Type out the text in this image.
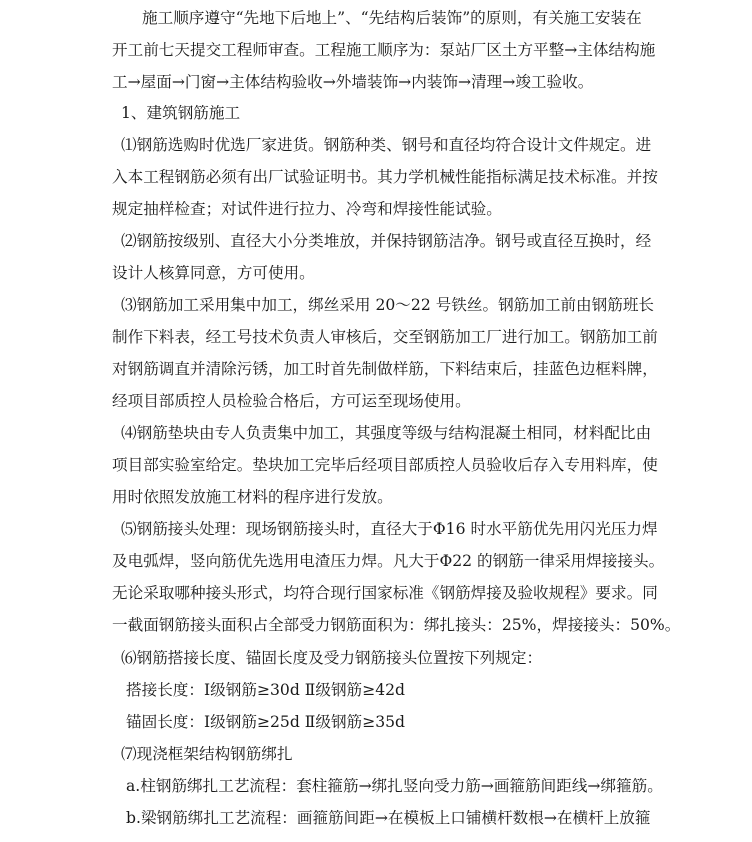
施工顺序遵守“先地下后地上”、“先结构后装饰”的原则，有关施工安装在
开工前七天提交工程师审查。工程施工顺序为：泵站厂区土方平整→主体结构施
工→屋面→门窗→主体结构验收→外墙装饰→内装饰→清理→竣工验收。
1、建筑钢筋施工
⑴钢筋选购时优选厂家进货。钢筋种类、钢号和直径均符合设计文件规定。进
入本工程钢筋必须有出厂试验证明书。其力学机械性能指标满足技术标准。并按
规定抽样检查；对试件进行拉力、冷弯和焊接性能试验。
⑵钢筋按级别、直径大小分类堆放，并保持钢筋洁净。钢号或直径互换时，经
设计人核算同意，方可使用。
⑶钢筋加工采用集中加工，绑丝采用 20～22 号铁丝。钢筋加工前由钢筋班长
制作下料表，经工号技术负责人审核后，交至钢筋加工厂进行加工。钢筋加工前
对钢筋调直并清除污锈，加工时首先制做样筋，下料结束后，挂蓝色边框料牌，
经项目部质控人员检验合格后，方可运至现场使用。
⑷钢筋垫块由专人负责集中加工，其强度等级与结构混凝土相同，材料配比由
项目部实验室给定。垫块加工完毕后经项目部质控人员验收后存入专用料库，使
用时依照发放施工材料的程序进行发放。
⑸钢筋接头处理：现场钢筋接头时，直径大于Φ16 时水平筋优先用闪光压力焊
及电弧焊，竖向筋优先选用电渣压力焊。凡大于Φ22 的钢筋一律采用焊接接头。
无论采取哪种接头形式，均符合现行国家标准《钢筋焊接及验收规程》要求。同
一截面钢筋接头面积占全部受力钢筋面积为：绑扎接头：25%，焊接接头：50%。
⑹钢筋搭接长度、锚固长度及受力钢筋接头位置按下列规定：
搭接长度：Ⅰ级钢筋≥30d Ⅱ级钢筋≥42d
锚固长度：Ⅰ级钢筋≥25d Ⅱ级钢筋≥35d
⑺现浇框架结构钢筋绑扎
a.柱钢筋绑扎工艺流程：套柱箍筋→绑扎竖向受力筋→画箍筋间距线→绑箍筋。
b.梁钢筋绑扎工艺流程：画箍筋间距→在模板上口铺横杆数根→在横杆上放箍
